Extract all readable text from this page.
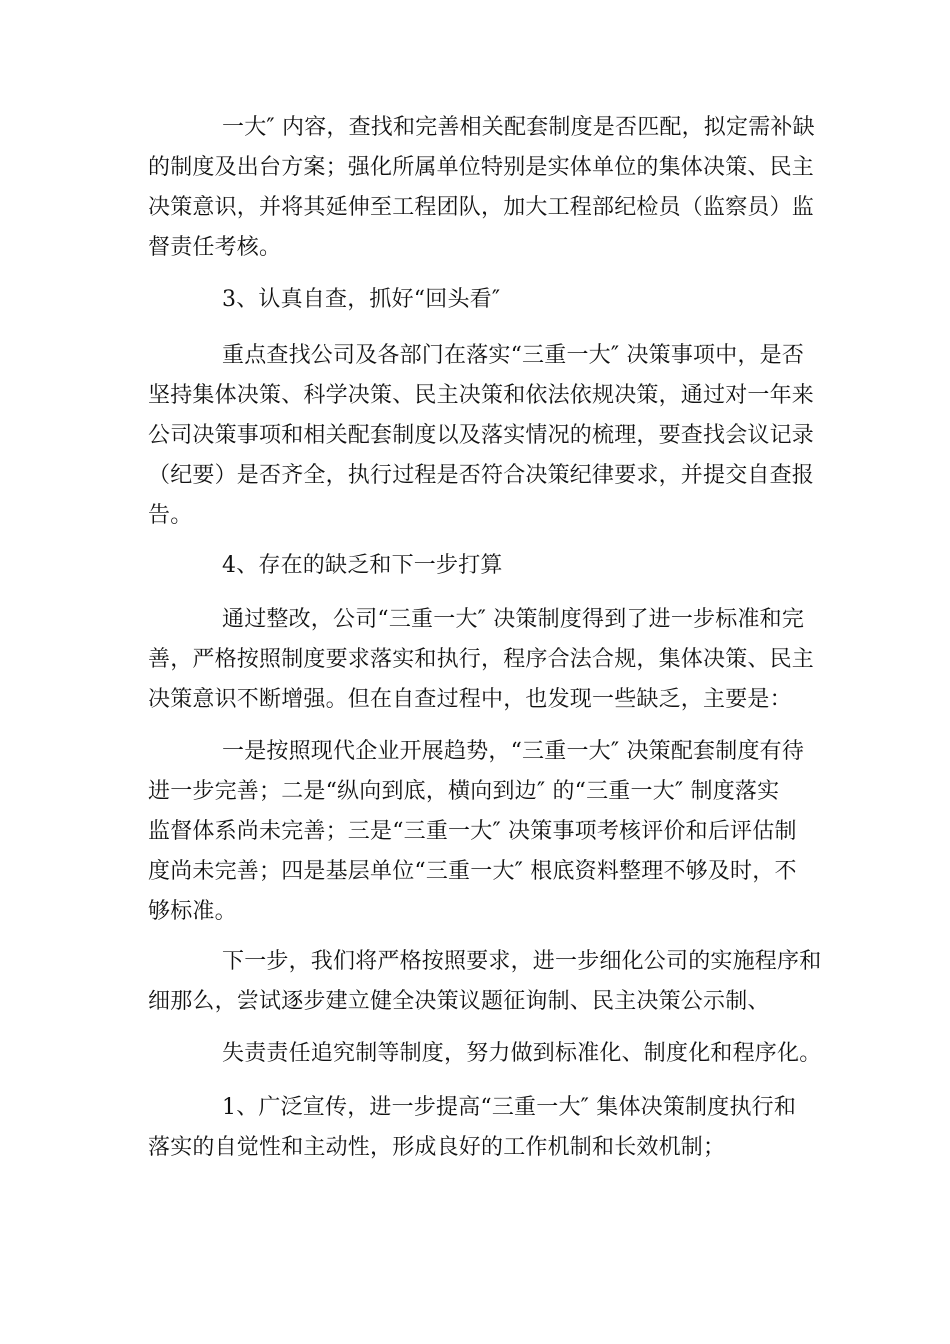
一大″ 内容，查找和完善相关配套制度是否匹配，拟定需补缺
的制度及出台方案；强化所属单位特别是实体单位的集体决策、民主
决策意识，并将其延伸至工程团队，加大工程部纪检员（监察员）监
督责任考核。
3、认真自查，抓好“回头看″
重点查找公司及各部门在落实“三重一大″ 决策事项中，是否
坚持集体决策、科学决策、民主决策和依法依规决策，通过对一年来
公司决策事项和相关配套制度以及落实情况的梳理，要查找会议记录
（纪要）是否齐全，执行过程是否符合决策纪律要求，并提交自查报
告。
4、存在的缺乏和下一步打算
通过整改，公司“三重一大″ 决策制度得到了进一步标准和完
善，严格按照制度要求落实和执行，程序合法合规，集体决策、民主
决策意识不断增强。但在自查过程中，也发现一些缺乏，主要是：
一是按照现代企业开展趋势，“三重一大″ 决策配套制度有待
进一步完善；二是“纵向到底，横向到边″ 的“三重一大″ 制度落实
监督体系尚未完善；三是“三重一大″ 决策事项考核评价和后评估制
度尚未完善；四是基层单位“三重一大″ 根底资料整理不够及时，不
够标准。
下一步，我们将严格按照要求，进一步细化公司的实施程序和
细那么，尝试逐步建立健全决策议题征询制、民主决策公示制、
失责责任追究制等制度，努力做到标准化、制度化和程序化。
1、广泛宣传，进一步提高“三重一大″ 集体决策制度执行和
落实的自觉性和主动性，形成良好的工作机制和长效机制；
